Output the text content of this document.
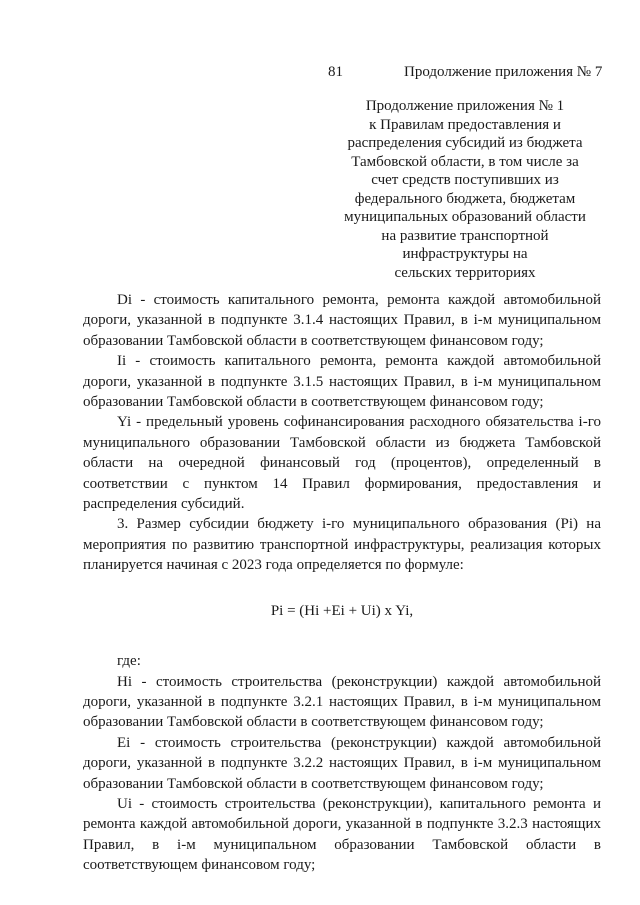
81	Продолжение приложения № 7
Продолжение приложения № 1
к Правилам предоставления и
распределения субсидий из бюджета
Тамбовской области, в том числе за
счет средств поступивших из
федерального бюджета, бюджетам
муниципальных образований области
на развитие транспортной
инфраструктуры на
сельских территориях

Di - стоимость капитального ремонта, ремонта каждой автомобильной дороги, указанной в подпункте 3.1.4 настоящих Правил, в i-м муниципальном образовании Тамбовской области в соответствующем финансовом году;

Ii - стоимость капитального ремонта, ремонта каждой автомобильной дороги, указанной в подпункте 3.1.5 настоящих Правил, в i-м муниципальном образовании Тамбовской области в соответствующем финансовом году;

Yi - предельный уровень софинансирования расходного обязательства i-го муниципального образовании Тамбовской области из бюджета Тамбовской области на очередной финансовый год (процентов), определенный в соответствии с пунктом 14 Правил формирования, предоставления и распределения субсидий.

3. Размер субсидии бюджету i-го муниципального образования (Pi) на мероприятия по развитию транспортной инфраструктуры, реализация которых планируется начиная с 2023 года определяется по формуле:

Pi = (Hi +Ei + Ui) x Yi,

где:

Hi - стоимость строительства (реконструкции) каждой автомобильной дороги, указанной в подпункте 3.2.1 настоящих Правил, в i-м муниципальном образовании Тамбовской области в соответствующем финансовом году;

Ei - стоимость строительства (реконструкции) каждой автомобильной дороги, указанной в подпункте 3.2.2 настоящих Правил, в i-м муниципальном образовании Тамбовской области в соответствующем финансовом году;

Ui - стоимость строительства (реконструкции), капитального ремонта и ремонта каждой автомобильной дороги, указанной в подпункте 3.2.3 настоящих Правил, в i-м муниципальном образовании Тамбовской области в соответствующем финансовом году;
